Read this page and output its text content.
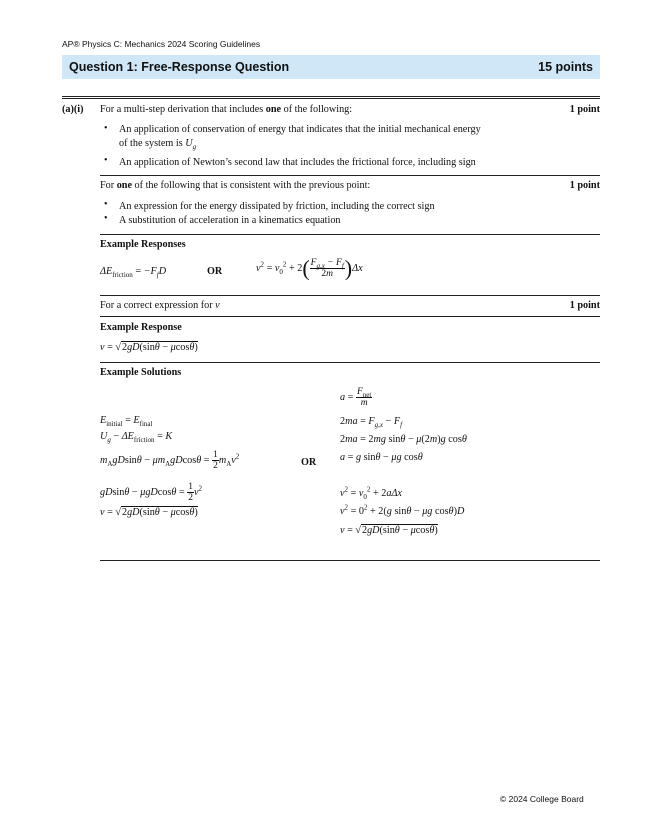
AP® Physics C: Mechanics 2024 Scoring Guidelines
Question 1: Free-Response Question	15 points
(a)(i) For a multi-step derivation that includes one of the following:	1 point
• An application of conservation of energy that indicates that the initial mechanical energy
of the system is $U_g$
• An application of Newton’s second law that includes the frictional force, including sign
For one of the following that is consistent with the previous point:	1 point
• An expression for the energy dissipated by friction, including the correct sign
• A substitution of acceleration in a kinematics equation
Example Responses
$\Delta E_{friction} = -F_fD$	OR	$v^2 = v_0^2 + 2( \frac{F_{g,x} - F_f}{2m} )\Delta x$
For a correct expression for v	1 point
Example Response
v = √2gD(sinθ − μcosθ)
Example Solutions
$E_{initial} = E_{final}$
$U_g - \Delta E_{friction} = K$
$m_AgDsin\theta - \mu m_AgDcos\theta = \frac{1}{2} m_Av^2$
OR
$gDsin\theta - \mu gDcos\theta = \frac{1}{2} v^2$
v = √2gD(sinθ − μcosθ)
$a = \frac{F_{net}}{m}$
$2ma = F_{g,x} - F_f$
2ma = 2mg sinθ − μ(2m)g cosθ
a = g sinθ − μg cosθ
$v^2 = v_0^2 + 2a\Delta x$
$v^2 = 0^2 + 2(g$ sinθ − μg cosθ)D
v = √2gD(sinθ − μcosθ)
© 2024 College Board
